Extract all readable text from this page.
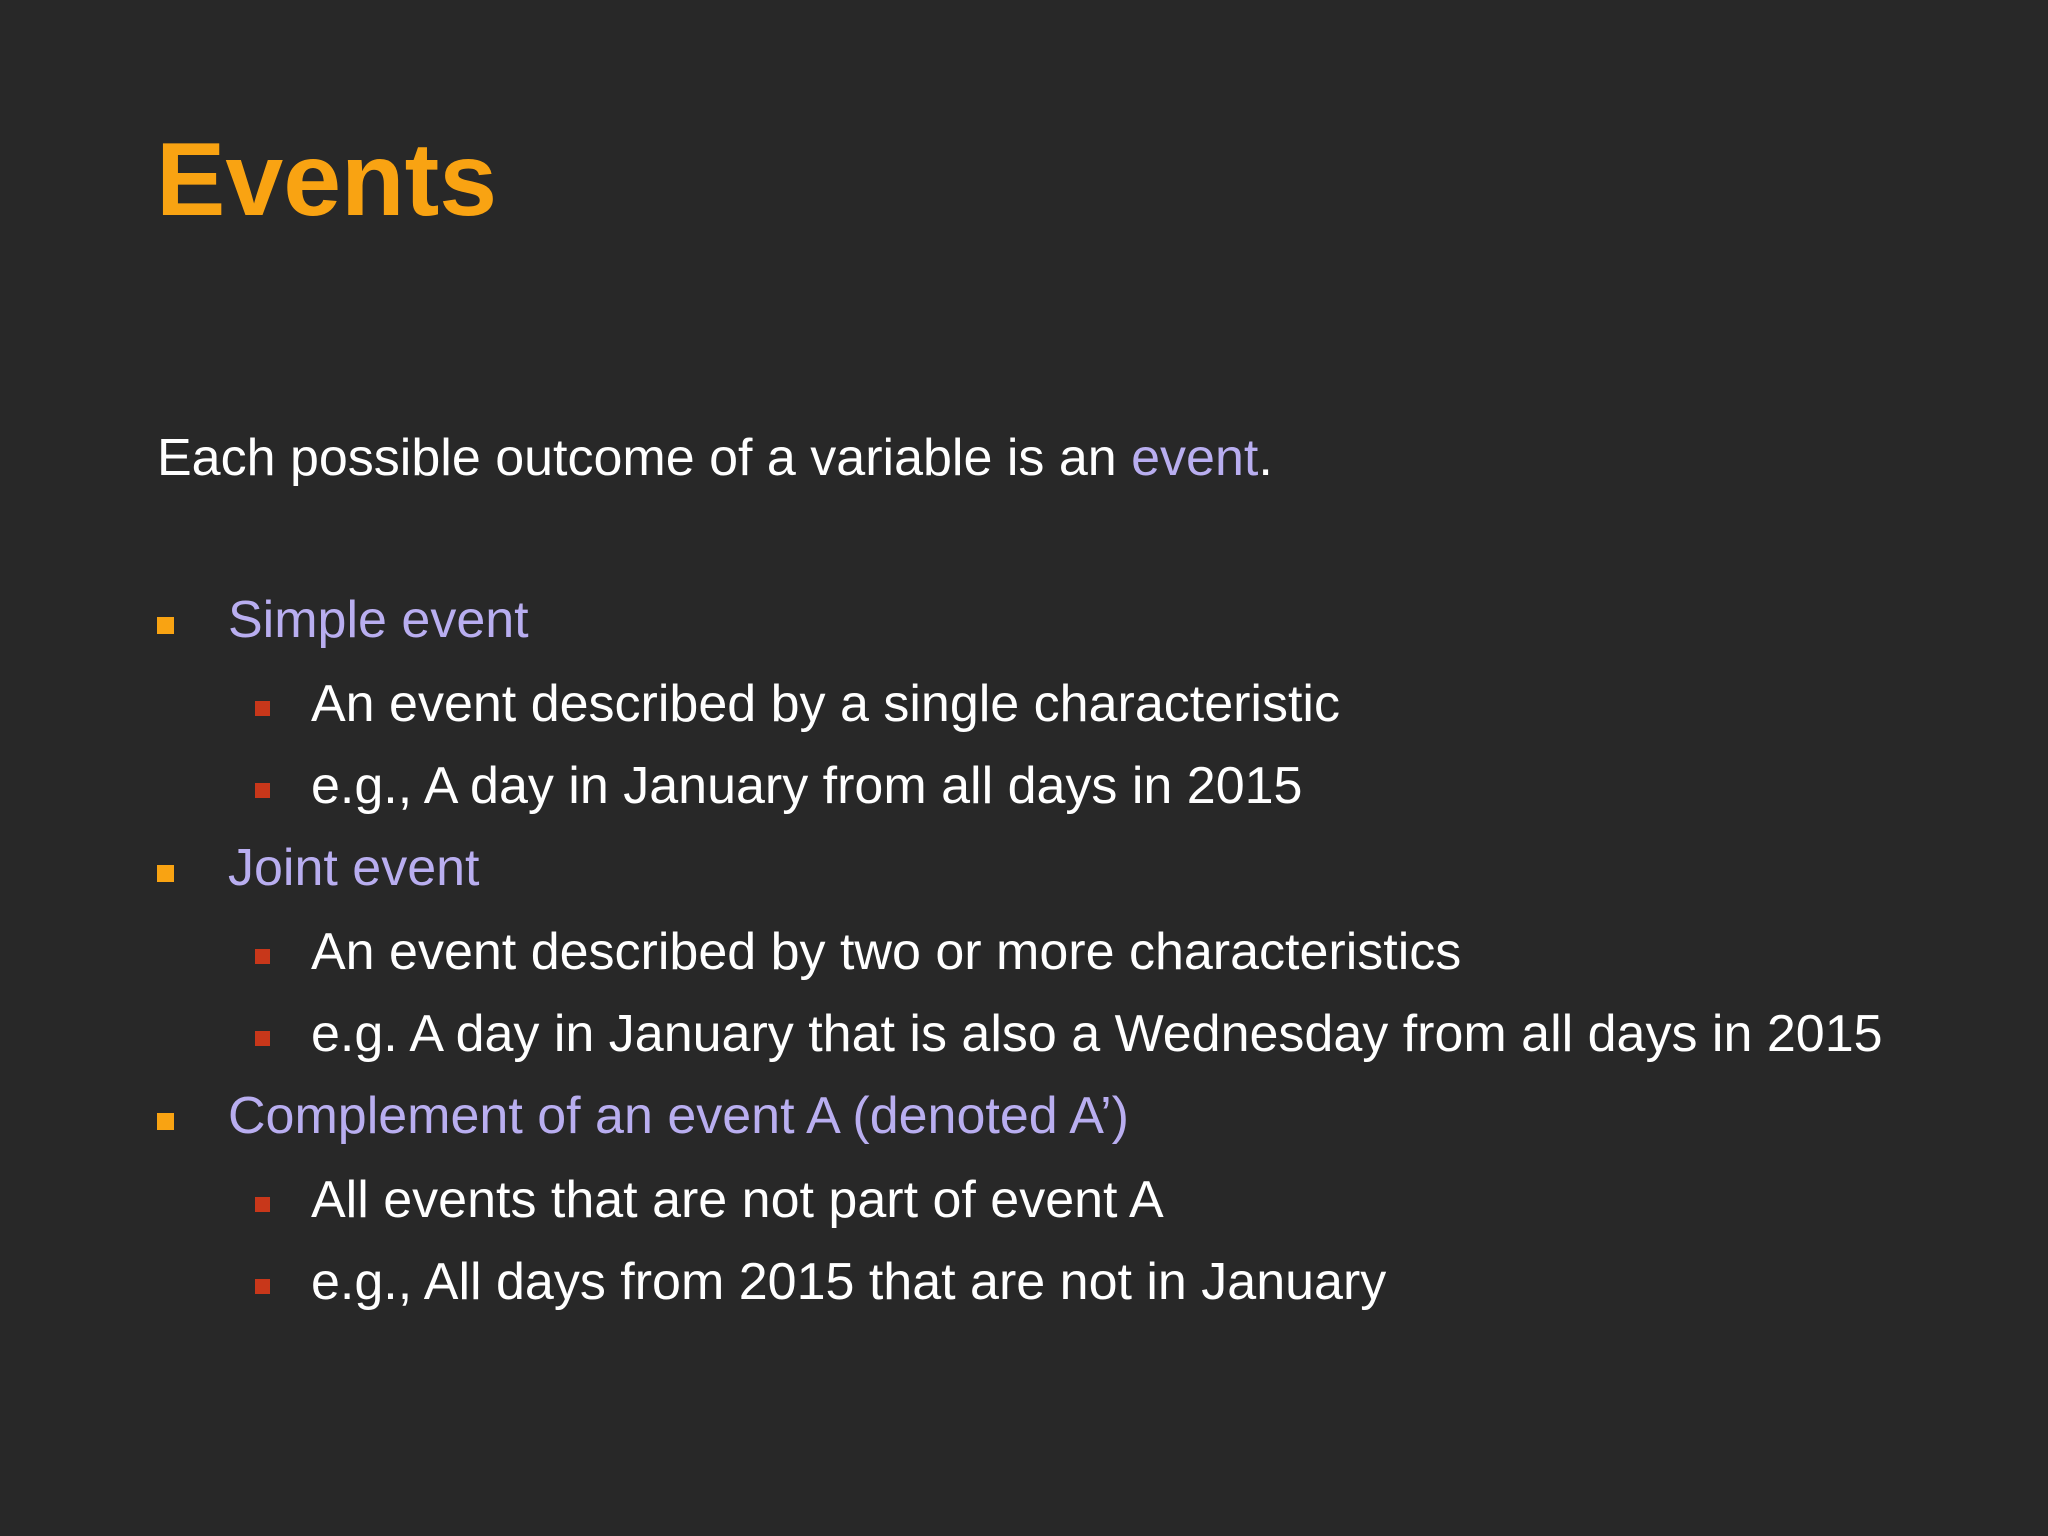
Events
Each possible outcome of a variable is an event.
Simple event
An event described by a single characteristic
e.g., A day in January from all days in 2015
Joint event
An event described by two or more characteristics
e.g. A day in January that is also a Wednesday from all days in 2015
Complement of an event A (denoted A’)
All events that are not part of event A
e.g., All days from 2015 that are not in January
